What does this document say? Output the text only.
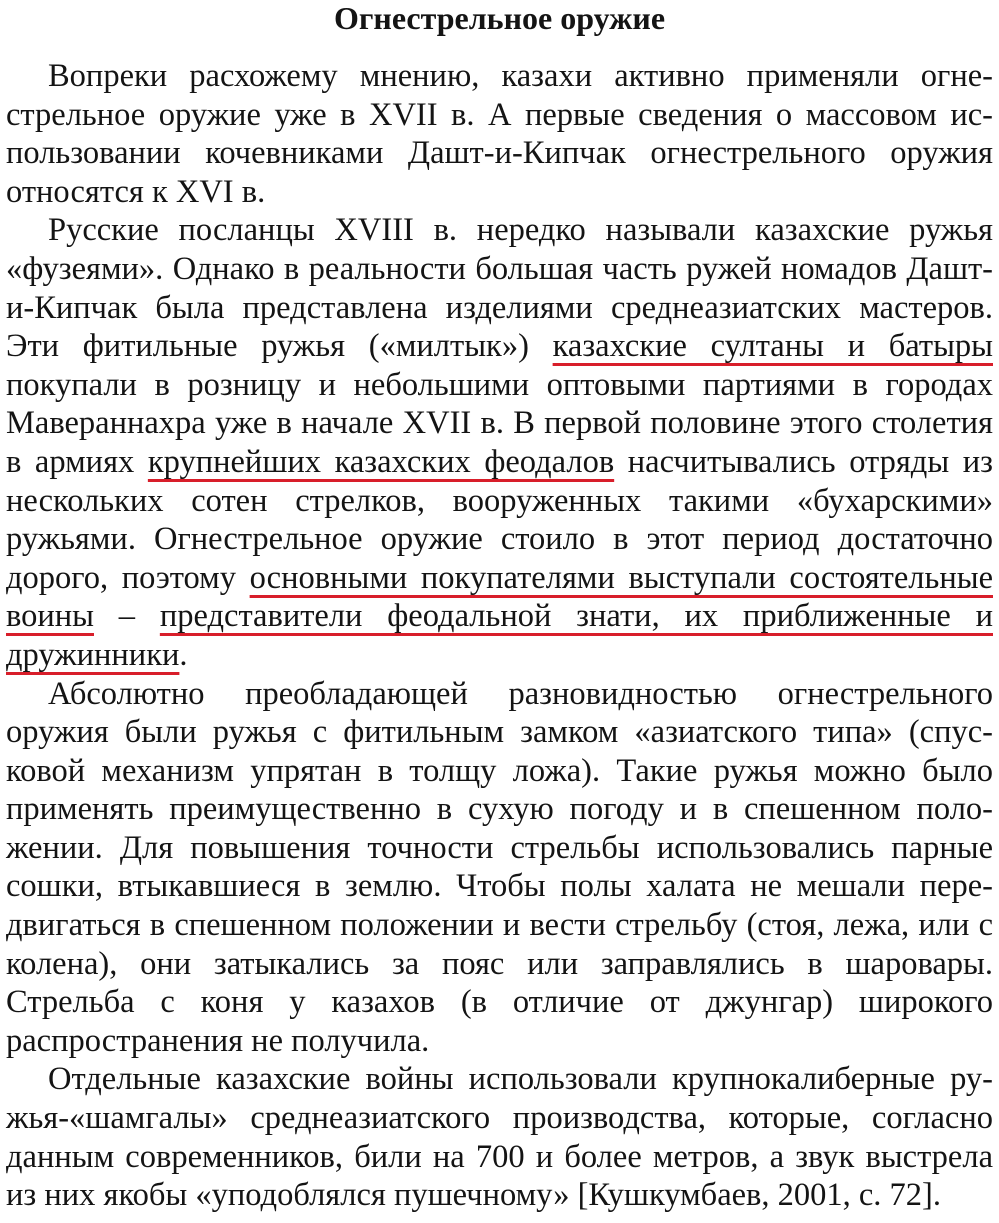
Огнестрельное оружие

Вопреки расхожему мнению, казахи активно применяли огнестрельное оружие уже в XVII в. А первые сведения о массовом использовании кочевниками Дашт-и-Кипчак огнестрельного оружия относятся к XVI в.

Русские посланцы XVIII в. нередко называли казахские ружья «фузеями». Однако в реальности большая часть ружей номадов Дашт-и-Кипчак была представлена изделиями среднеазиатских мастеров. Эти фитильные ружья («милтык») казахские султаны и батыры покупали в розницу и небольшими оптовыми партиями в городах Мавераннахра уже в начале XVII в. В первой половине этого столетия в армиях крупнейших казахских феодалов насчитывались отряды из нескольких сотен стрелков, вооруженных такими «бухарскими» ружьями. Огнестрельное оружие стоило в этот период достаточно дорого, поэтому основными покупателями выступали состоятельные воины – представители феодальной знати, их приближенные и дружинники.

Абсолютно преобладающей разновидностью огнестрельного оружия были ружья с фитильным замком «азиатского типа» (спусковой механизм упрятан в толщу ложа). Такие ружья можно было применять преимущественно в сухую погоду и в спешенном положении. Для повышения точности стрельбы использовались парные сошки, втыкавшиеся в землю. Чтобы полы халата не мешали передвигаться в спешенном положении и вести стрельбу (стоя, лежа, или с колена), они затыкались за пояс или заправлялись в шаровары. Стрельба с коня у казахов (в отличие от джунгар) широкого распространения не получила.

Отдельные казахские войны использовали крупнокалиберные ружья-«шамгалы» среднеазиатского производства, которые, согласно данным современников, били на 700 и более метров, а звук выстрела из них якобы «уподоблялся пушечному» [Кушкумбаев, 2001, с. 72].
